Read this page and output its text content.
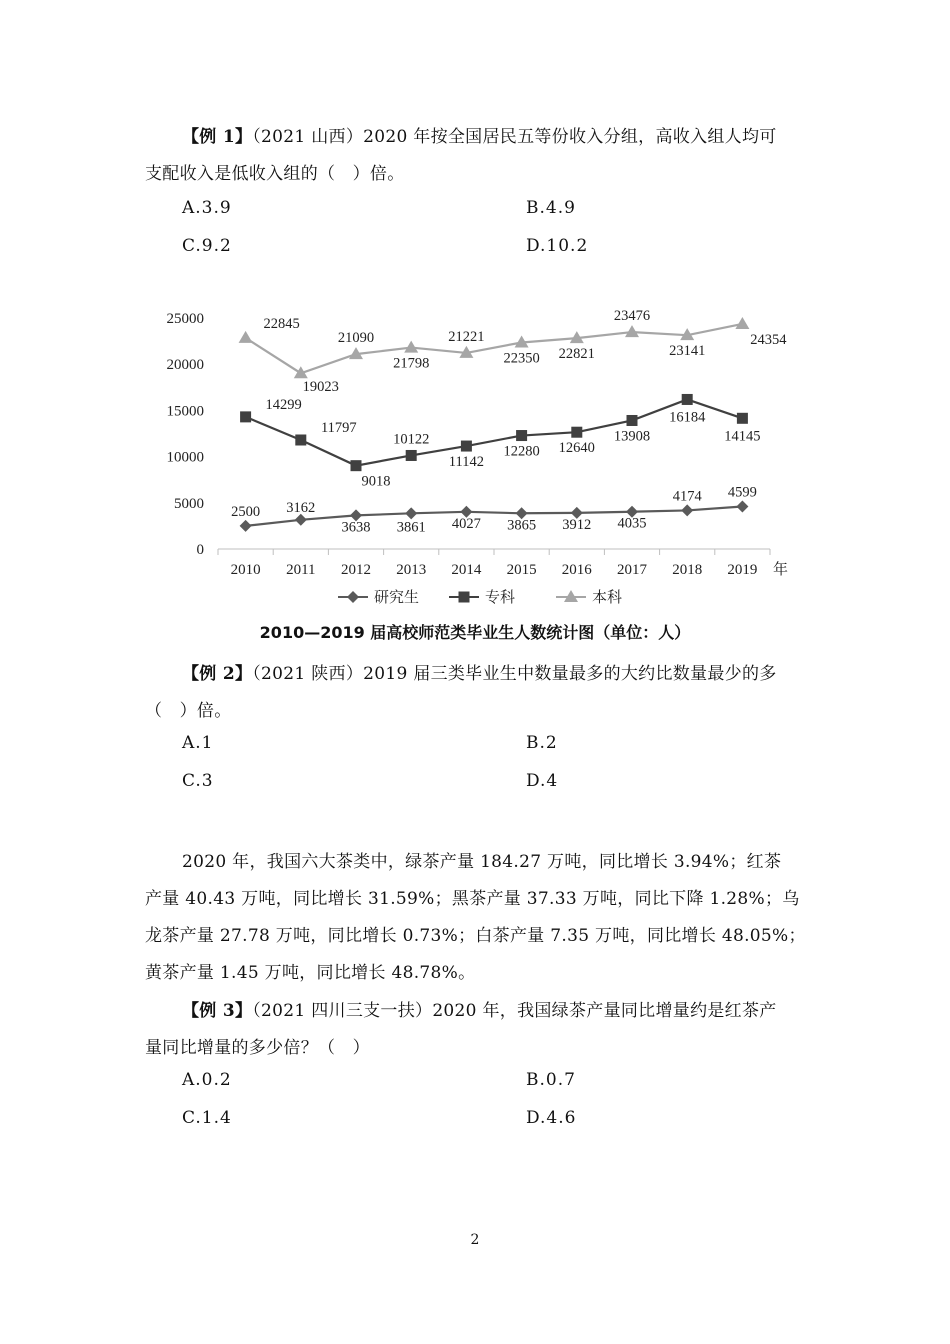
【例 1】（2021 山西）2020 年按全国居民五等份收入分组，高收入组人均可
支配收入是低收入组的（　）倍。
A.3.9	B.4.9
C.9.2	D.10.2
0
5000
10000
15000
20000
25000
2010 2011 2012 2013 2014 2015 2016 2017 2018 2019 年
2500 3162
3638 3861 4027 3865 3912 4035
4174 4599
14299
11797
9018
10122
11142
12280 12640
13908
16184
14145
22845
19023
21090
21798
21221
22350 22821
23476
23141
24354
研究生	专科	本科
2010—2019 届高校师范类毕业生人数统计图（单位：人）
【例 2】（2021 陕西）2019 届三类毕业生中数量最多的大约比数量最少的多
（　）倍。
A.1	B.2
C.3	D.4
2020 年，我国六大茶类中，绿茶产量 184.27 万吨，同比增长 3.94%；红茶
产量 40.43 万吨，同比增长 31.59%；黑茶产量 37.33 万吨，同比下降 1.28%；乌
龙茶产量 27.78 万吨，同比增长 0.73%；白茶产量 7.35 万吨，同比增长 48.05%；
黄茶产量 1.45 万吨，同比增长 48.78%。
【例 3】（2021 四川三支一扶）2020 年，我国绿茶产量同比增量约是红茶产
量同比增量的多少倍？（　）
A.0.2	B.0.7
C.1.4	D.4.6
2
